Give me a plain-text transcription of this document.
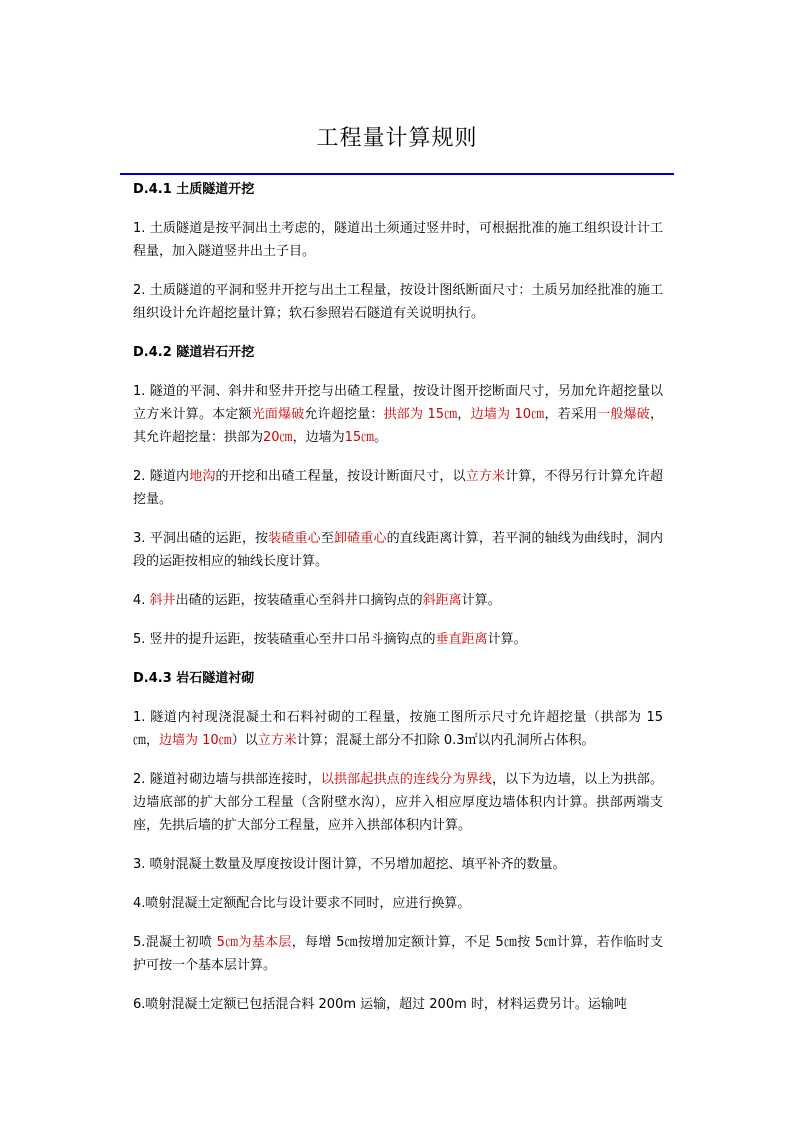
工程量计算规则
D.4.1 土质隧道开挖

1. 土质隧道是按平洞出土考虑的，隧道出土须通过竖井时，可根据批准的施工组织设计计工程量，加入隧道竖井出土子目。

2. 土质隧道的平洞和竖井开挖与出土工程量，按设计图纸断面尺寸：土质另加经批准的施工组织设计允许超挖量计算；软石参照岩石隧道有关说明执行。

D.4.2 隧道岩石开挖

1. 隧道的平洞、斜井和竖井开挖与出碴工程量，按设计图开挖断面尺寸，另加允许超挖量以立方米计算。本定额光面爆破允许超挖量：拱部为 15㎝，边墙为 10㎝，若采用一般爆破，其允许超挖量：拱部为20㎝，边墙为15㎝。

2. 隧道内地沟的开挖和出碴工程量，按设计断面尺寸，以立方米计算，不得另行计算允许超挖量。

3. 平洞出碴的运距，按装碴重心至卸碴重心的直线距离计算，若平洞的轴线为曲线时，洞内段的运距按相应的轴线长度计算。

4. 斜井出碴的运距，按装碴重心至斜井口摘钩点的斜距离计算。

5. 竖井的提升运距，按装碴重心至井口吊斗摘钩点的垂直距离计算。

D.4.3 岩石隧道衬砌

1. 隧道内衬现浇混凝土和石料衬砌的工程量，按施工图所示尺寸允许超挖量（拱部为 15㎝，边墙为 10㎝）以立方米计算；混凝土部分不扣除 0.3㎡以内孔洞所占体积。

2. 隧道衬砌边墙与拱部连接时，以拱部起拱点的连线分为界线，以下为边墙，以上为拱部。边墙底部的扩大部分工程量（含附壁水沟），应并入相应厚度边墙体积内计算。拱部两端支座，先拱后墙的扩大部分工程量，应并入拱部体积内计算。

3. 喷射混凝土数量及厚度按设计图计算，不另增加超挖、填平补齐的数量。

4.喷射混凝土定额配合比与设计要求不同时，应进行换算。

5.混凝土初喷 5㎝为基本层，每增 5㎝按增加定额计算，不足 5㎝按 5㎝计算，若作临时支护可按一个基本层计算。

6.喷射混凝土定额已包括混合料 200m 运输，超过 200m 时，材料运费另计。运输吨
